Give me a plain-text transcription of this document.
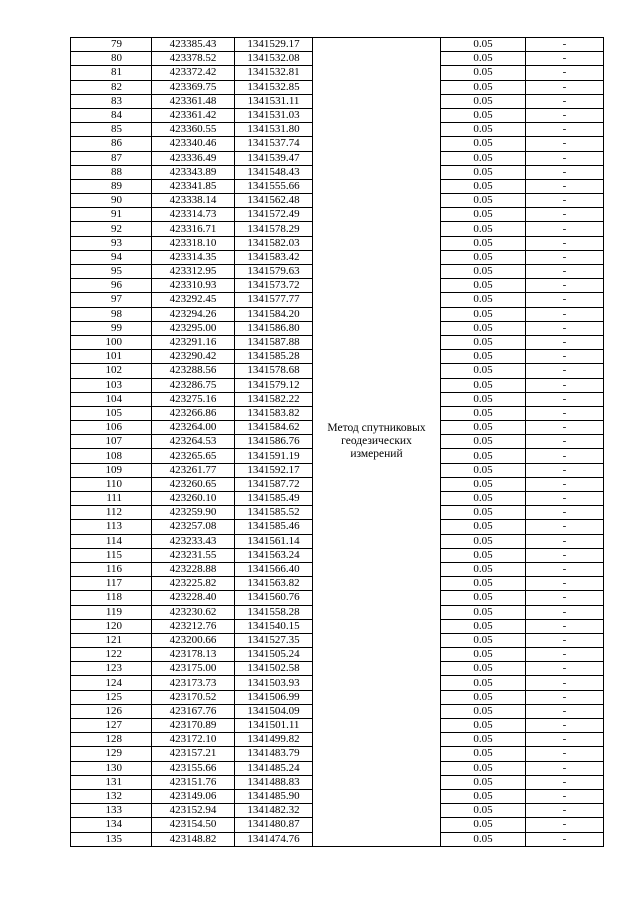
79	423385.43	1341529.17	Метод спутниковых геодезических измерений	0.05	-
80	423378.52	1341532.08		0.05	-
81	423372.42	1341532.81		0.05	-
82	423369.75	1341532.85		0.05	-
83	423361.48	1341531.11		0.05	-
84	423361.42	1341531.03		0.05	-
85	423360.55	1341531.80		0.05	-
86	423340.46	1341537.74		0.05	-
87	423336.49	1341539.47		0.05	-
88	423343.89	1341548.43		0.05	-
89	423341.85	1341555.66		0.05	-
90	423338.14	1341562.48		0.05	-
91	423314.73	1341572.49		0.05	-
92	423316.71	1341578.29		0.05	-
93	423318.10	1341582.03		0.05	-
94	423314.35	1341583.42		0.05	-
95	423312.95	1341579.63		0.05	-
96	423310.93	1341573.72		0.05	-
97	423292.45	1341577.77		0.05	-
98	423294.26	1341584.20		0.05	-
99	423295.00	1341586.80		0.05	-
100	423291.16	1341587.88		0.05	-
101	423290.42	1341585.28		0.05	-
102	423288.56	1341578.68		0.05	-
103	423286.75	1341579.12		0.05	-
104	423275.16	1341582.22		0.05	-
105	423266.86	1341583.82		0.05	-
106	423264.00	1341584.62		0.05	-
107	423264.53	1341586.76		0.05	-
108	423265.65	1341591.19		0.05	-
109	423261.77	1341592.17		0.05	-
110	423260.65	1341587.72		0.05	-
111	423260.10	1341585.49		0.05	-
112	423259.90	1341585.52		0.05	-
113	423257.08	1341585.46		0.05	-
114	423233.43	1341561.14		0.05	-
115	423231.55	1341563.24		0.05	-
116	423228.88	1341566.40		0.05	-
117	423225.82	1341563.82		0.05	-
118	423228.40	1341560.76		0.05	-
119	423230.62	1341558.28		0.05	-
120	423212.76	1341540.15		0.05	-
121	423200.66	1341527.35		0.05	-
122	423178.13	1341505.24		0.05	-
123	423175.00	1341502.58		0.05	-
124	423173.73	1341503.93		0.05	-
125	423170.52	1341506.99		0.05	-
126	423167.76	1341504.09		0.05	-
127	423170.89	1341501.11		0.05	-
128	423172.10	1341499.82		0.05	-
129	423157.21	1341483.79		0.05	-
130	423155.66	1341485.24		0.05	-
131	423151.76	1341488.83		0.05	-
132	423149.06	1341485.90		0.05	-
133	423152.94	1341482.32		0.05	-
134	423154.50	1341480.87		0.05	-
135	423148.82	1341474.76		0.05	-
